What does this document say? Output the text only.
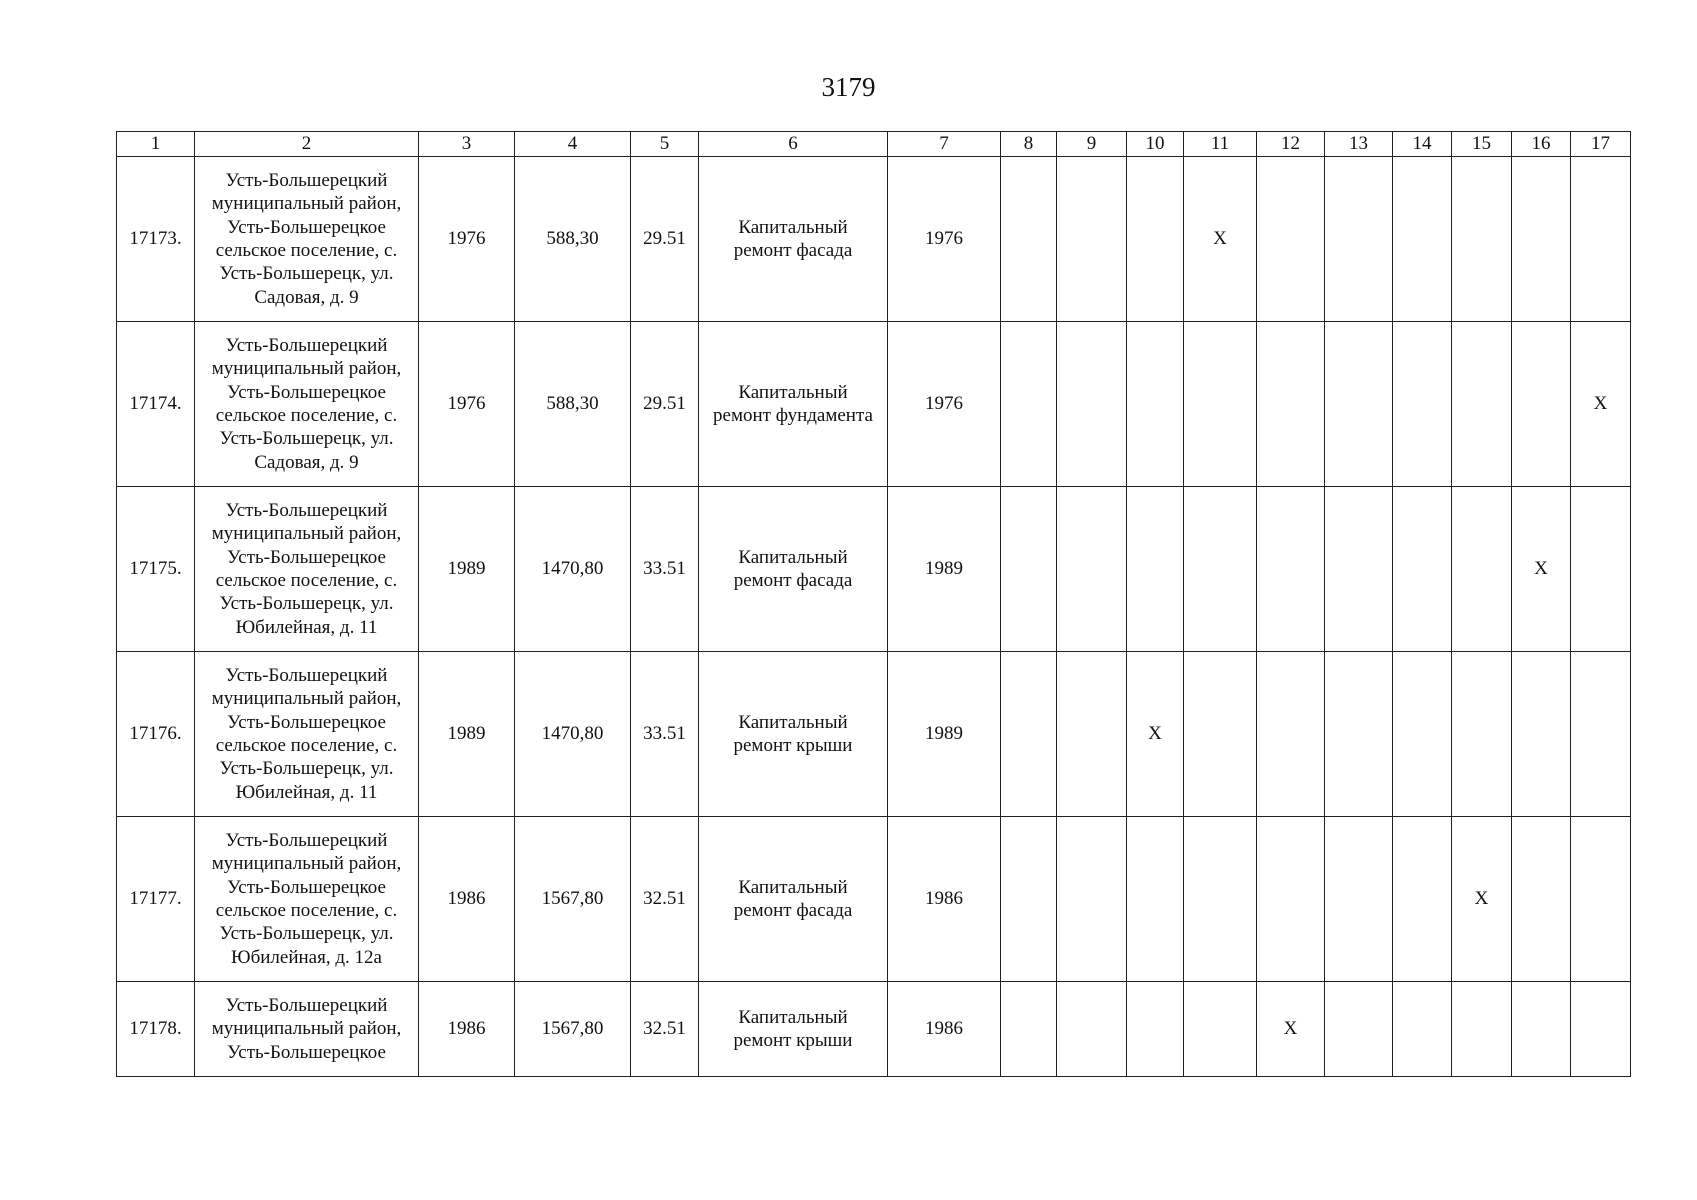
3179
1	2	3	4	5	6	7	8	9	10	11	12	13	14	15	16	17
17173.	Усть-Большерецкий муниципальный район, Усть-Большерецкое сельское поселение, с. Усть-Большерецк, ул. Садовая, д. 9	1976	588,30	29.51	Капитальный ремонт фасада	1976				Х						
17174.	Усть-Большерецкий муниципальный район, Усть-Большерецкое сельское поселение, с. Усть-Большерецк, ул. Садовая, д. 9	1976	588,30	29.51	Капитальный ремонт фундамента	1976										Х
17175.	Усть-Большерецкий муниципальный район, Усть-Большерецкое сельское поселение, с. Усть-Большерецк, ул. Юбилейная, д. 11	1989	1470,80	33.51	Капитальный ремонт фасада	1989									Х	
17176.	Усть-Большерецкий муниципальный район, Усть-Большерецкое сельское поселение, с. Усть-Большерецк, ул. Юбилейная, д. 11	1989	1470,80	33.51	Капитальный ремонт крыши	1989			Х							
17177.	Усть-Большерецкий муниципальный район, Усть-Большерецкое сельское поселение, с. Усть-Большерецк, ул. Юбилейная, д. 12а	1986	1567,80	32.51	Капитальный ремонт фасада	1986								Х		
17178.	Усть-Большерецкий муниципальный район, Усть-Большерецкое	1986	1567,80	32.51	Капитальный ремонт крыши	1986					Х					
